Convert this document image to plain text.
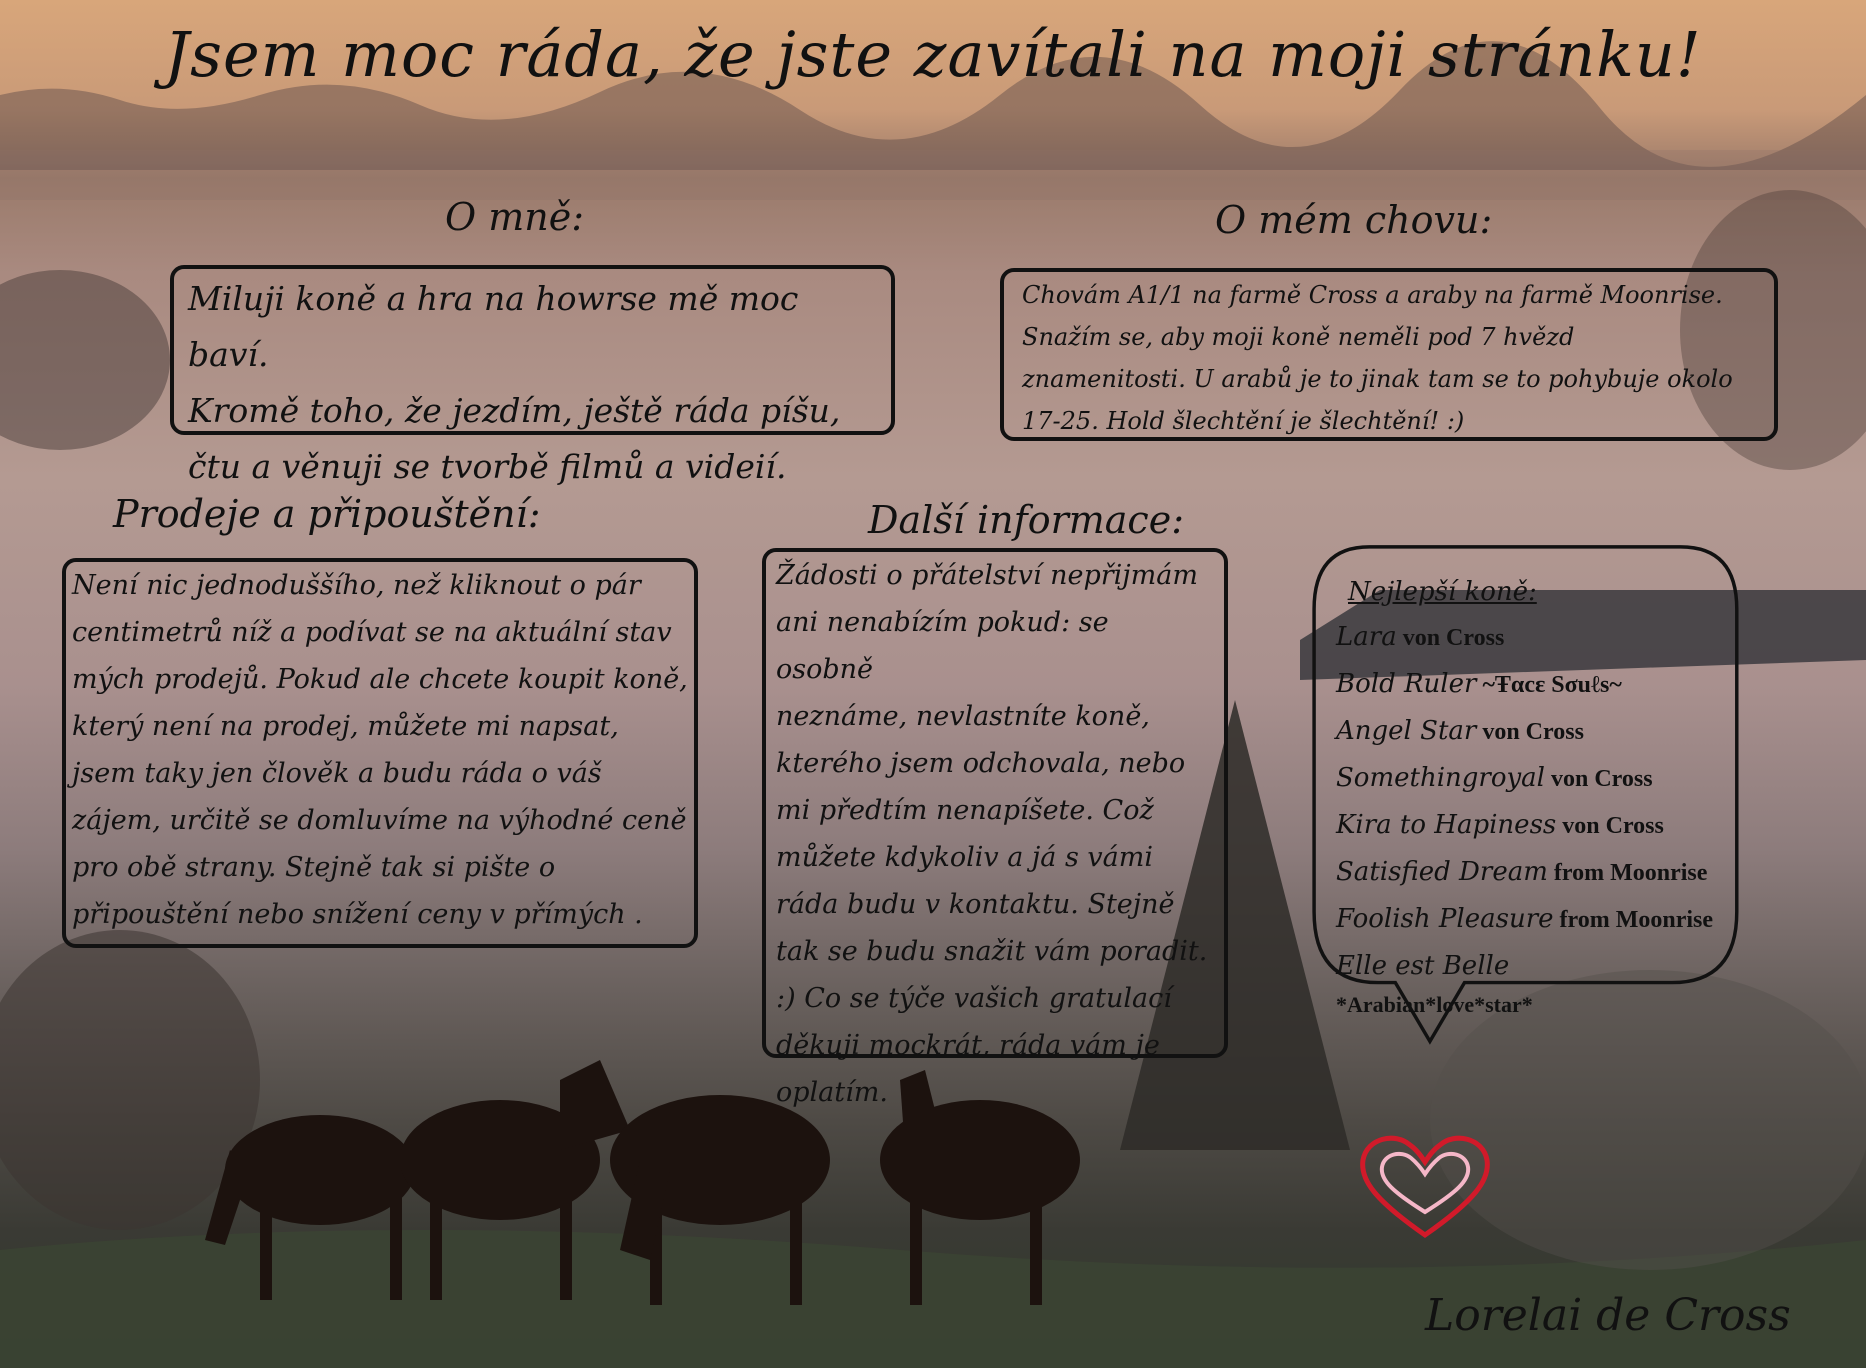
Jsem moc ráda, že jste zavítali na moji stránku!
O mně:

Miluji koně a hra na howrse mě moc baví.

Kromě toho, že jezdím, ještě ráda píšu,

čtu a věnuji se tvorbě filmů a videií.

O mém chovu:

Chovám A1/1 na farmě Cross a araby na farmě Moonrise.

Snažím se, aby moji koně neměli pod 7 hvězd

znamenitosti. U arabů je to jinak tam se to pohybuje okolo

17-25. Hold šlechtění je šlechtění! :)

Prodeje a připouštění:

Není nic jednoduššího, než kliknout o pár

centimetrů níž a podívat se na aktuální stav

mých prodejů. Pokud ale chcete koupit koně,

který není na prodej, můžete mi napsat,

jsem taky jen člověk a budu ráda o váš

zájem, určitě se domluvíme na výhodné ceně

pro obě strany. Stejně tak si pište o

připouštění nebo snížení ceny v přímých .

Další informace:

Žádosti o přátelství nepřijmám

ani nenabízím pokud: se osobně

neznáme, nevlastníte koně,

kterého jsem odchovala, nebo

mi předtím nenapíšete. Což

můžete kdykoliv a já s vámi

ráda budu v kontaktu. Stejně

tak se budu snažit vám poradit.

:) Co se týče vašich gratulací

děkuji mockrát, ráda vám je

oplatím.

Nejlepší koně:
Lara von Cross
Bold Ruler ~Ŧαcɛ Sσuℓs~
Angel Star von Cross
Somethingroyal von Cross
Kira to Hapiness von Cross
Satisfied Dream from Moonrise
Foolish Pleasure from Moonrise
Elle est Belle
*Arabian*love*star*
Lorelai de Cross
